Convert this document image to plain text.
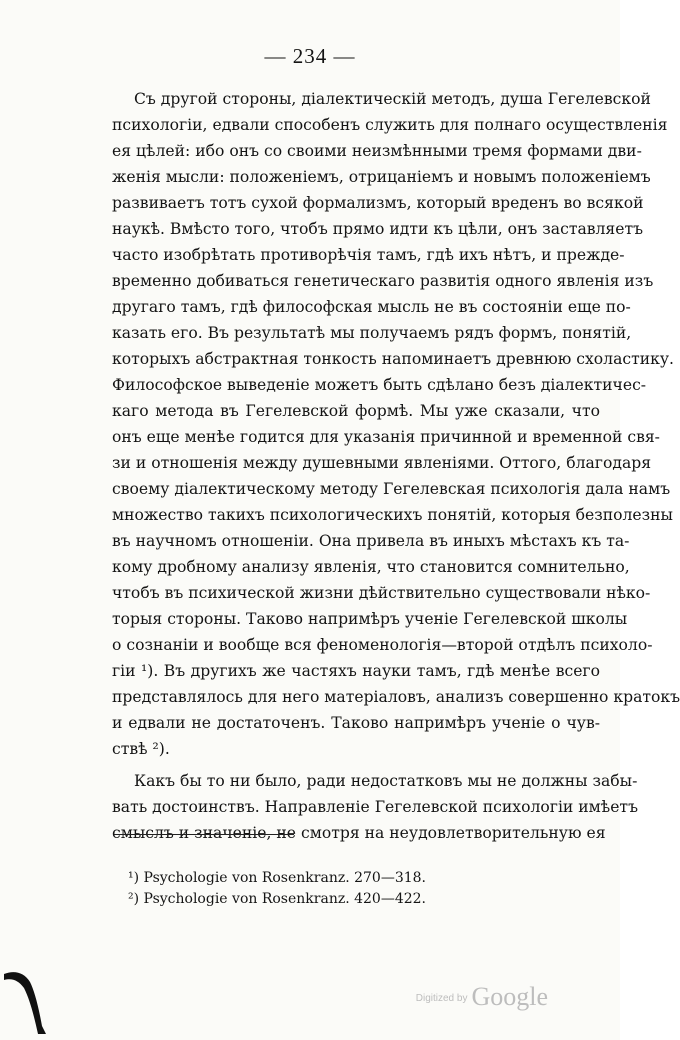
— 234 —
Съ другой стороны, діалектическій методъ, душа Гегелевской
психологіи, едвали способенъ служить для полнаго осуществленія
ея цѣлей: ибо онъ со своими неизмѣнными тремя формами дви-
женія мысли: положеніемъ, отрицаніемъ и новымъ положеніемъ
развиваетъ тотъ сухой формализмъ, который вреденъ во всякой
наукѣ. Вмѣсто того, чтобъ прямо идти къ цѣли, онъ заставляетъ
часто изобрѣтать противорѣчія тамъ, гдѣ ихъ нѣтъ, и прежде-
временно добиваться генетическаго развитія одного явленія изъ
другаго тамъ, гдѣ философская мысль не въ состояніи еще по-
казать его. Въ результатѣ мы получаемъ рядъ формъ, понятій,
которыхъ абстрактная тонкость напоминаетъ древнюю схоластику.
Философское выведеніе можетъ быть сдѣлано безъ діалектичес-
каго метода въ Гегелевской формѣ. Мы уже сказали, что
онъ еще менѣе годится для указанія причинной и временной свя-
зи и отношенія между душевными явленіями. Оттого, благодаря
своему діалектическому методу Гегелевская психологія дала намъ
множество такихъ психологическихъ понятій, которыя безполезны
въ научномъ отношеніи. Она привела въ иныхъ мѣстахъ къ та-
кому дробному анализу явленія, что становится сомнительно,
чтобъ въ психической жизни дѣйствительно существовали нѣко-
торыя стороны. Таково напримѣръ ученіе Гегелевской школы
о сознаніи и вообще вся феноменологія—второй отдѣлъ психоло-
гіи ¹). Въ другихъ же частяхъ науки тамъ, гдѣ менѣе всего
представлялось для него матеріаловъ, анализъ совершенно кратокъ
и едвали не достаточенъ. Таково напримѣръ ученіе о чув-
ствѣ ²).
Какъ бы то ни было, ради недостатковъ мы не должны забы-
вать достоинствъ. Направленіе Гегелевской психологіи имѣетъ
смыслъ и значеніе, не смотря на неудовлетворительную ея
¹) Psychologie von Rosenkranz. 270—318.
²) Psychologie von Rosenkranz. 420—422.
$^{Digitized by}$ Google
